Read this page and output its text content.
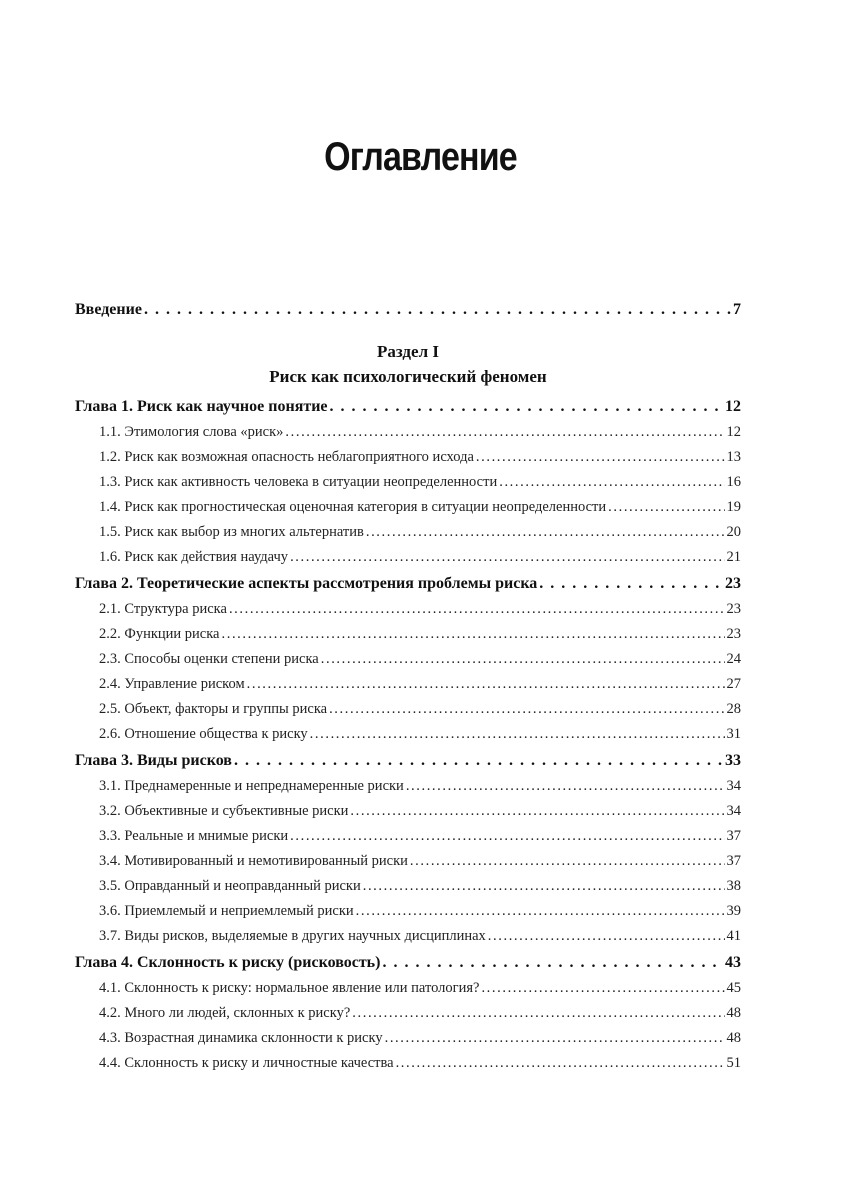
Оглавление
Введение . . .	7
Раздел I
Риск как психологический феномен
Глава 1. Риск как научное понятие . . .	12
1.1. Этимология слова «риск» .....	12
1.2. Риск как возможная опасность неблагоприятного исхода .....	13
1.3. Риск как активность человека в ситуации неопределенности .....	16
1.4. Риск как прогностическая оценочная категория в ситуации неопределенности .....	19
1.5. Риск как выбор из многих альтернатив .....	20
1.6. Риск как действия наудачу .....	21
Глава 2. Теоретические аспекты рассмотрения проблемы риска . . .	23
2.1. Структура риска .....	23
2.2. Функции риска .....	23
2.3. Способы оценки степени риска .....	24
2.4. Управление риском .....	27
2.5. Объект, факторы и группы риска .....	28
2.6. Отношение общества к риску .....	31
Глава 3. Виды рисков . . .	33
3.1. Преднамеренные и непреднамеренные риски .....	34
3.2. Объективные и субъективные риски .....	34
3.3. Реальные и мнимые риски .....	37
3.4. Мотивированный и немотивированный риски .....	37
3.5. Оправданный и неоправданный риски .....	38
3.6. Приемлемый и неприемлемый риски .....	39
3.7. Виды рисков, выделяемые в других научных дисциплинах .....	41
Глава 4. Склонность к риску (рисковость) . . .	43
4.1. Склонность к риску: нормальное явление или патология? .....	45
4.2. Много ли людей, склонных к риску? .....	48
4.3. Возрастная динамика склонности к риску .....	48
4.4. Склонность к риску и личностные качества .....	51
